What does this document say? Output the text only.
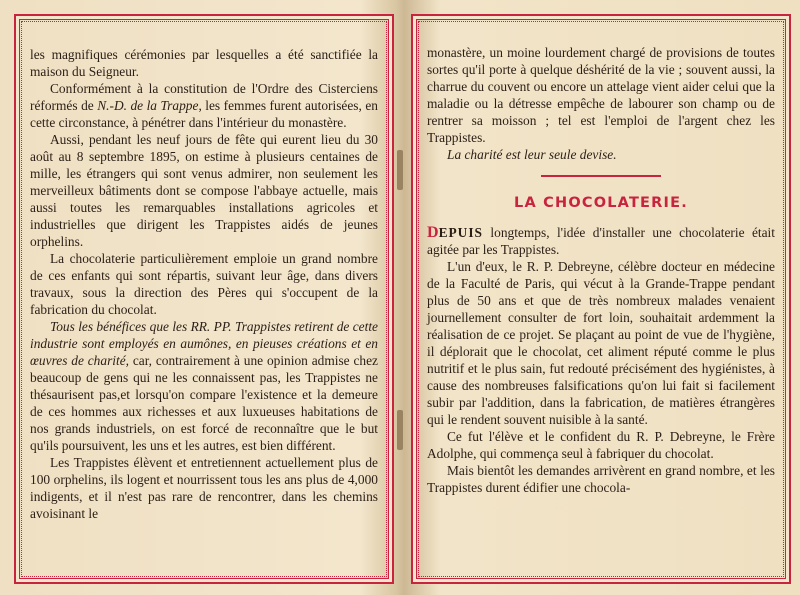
les magnifiques cérémonies par lesquelles a été sanctifiée la maison du Seigneur.

Conformément à la constitution de l'Ordre des Cisterciens réformés de N.-D. de la Trappe, les femmes furent autorisées, en cette circonstance, à pénétrer dans l'intérieur du monastère.

Aussi, pendant les neuf jours de fête qui eurent lieu du 30 août au 8 septembre 1895, on estime à plusieurs centaines de mille, les étrangers qui sont venus admirer, non seulement les merveilleux bâtiments dont se compose l'abbaye actuelle, mais aussi toutes les remarquables installations agricoles et industrielles que dirigent les Trappistes aidés de jeunes orphelins.

La chocolaterie particulièrement emploie un grand nombre de ces enfants qui sont répartis, suivant leur âge, dans divers travaux, sous la direction des Pères qui s'occupent de la fabrication du chocolat.

Tous les bénéfices que les RR. PP. Trappistes retirent de cette industrie sont employés en aumônes, en pieuses créations et en œuvres de charité, car, contrairement à une opinion admise chez beaucoup de gens qui ne les connaissent pas, les Trappistes ne thésaurisent pas,et lorsqu'on compare l'existence et la demeure de ces hommes aux richesses et aux luxueuses habitations de nos grands industriels, on est forcé de reconnaître que le but qu'ils poursuivent, les uns et les autres, est bien différent.

Les Trappistes élèvent et entretiennent actuellement plus de 100 orphelins, ils logent et nourrissent tous les ans plus de 4,000 indigents, et il n'est pas rare de rencontrer, dans les chemins avoisinant le

monastère, un moine lourdement chargé de provisions de toutes sortes qu'il porte à quelque déshérité de la vie ; souvent aussi, la charrue du couvent ou encore un attelage vient aider celui que la maladie ou la détresse empêche de labourer son champ ou de rentrer sa moisson ; tel est l'emploi de l'argent chez les Trappistes.

La charité est leur seule devise.

LA CHOCOLATERIE.

DEPUIS longtemps, l'idée d'installer une chocolaterie était agitée par les Trappistes.

L'un d'eux, le R. P. Debreyne, célèbre docteur en médecine de la Faculté de Paris, qui vécut à la Grande-Trappe pendant plus de 50 ans et que de très nombreux malades venaient journellement consulter de fort loin, souhaitait ardemment la réalisation de ce projet. Se plaçant au point de vue de l'hygiène, il déplorait que le chocolat, cet aliment réputé comme le plus nutritif et le plus sain, fut redouté précisément des hygiénistes, à cause des nombreuses falsifications qu'on lui fait si facilement subir par l'addition, dans la fabrication, de matières étrangères qui le rendent souvent nuisible à la santé.

Ce fut l'élève et le confident du R. P. Debreyne, le Frère Adolphe, qui commença seul à fabriquer du chocolat.

Mais bientôt les demandes arrivèrent en grand nombre, et les Trappistes durent édifier une chocola-
